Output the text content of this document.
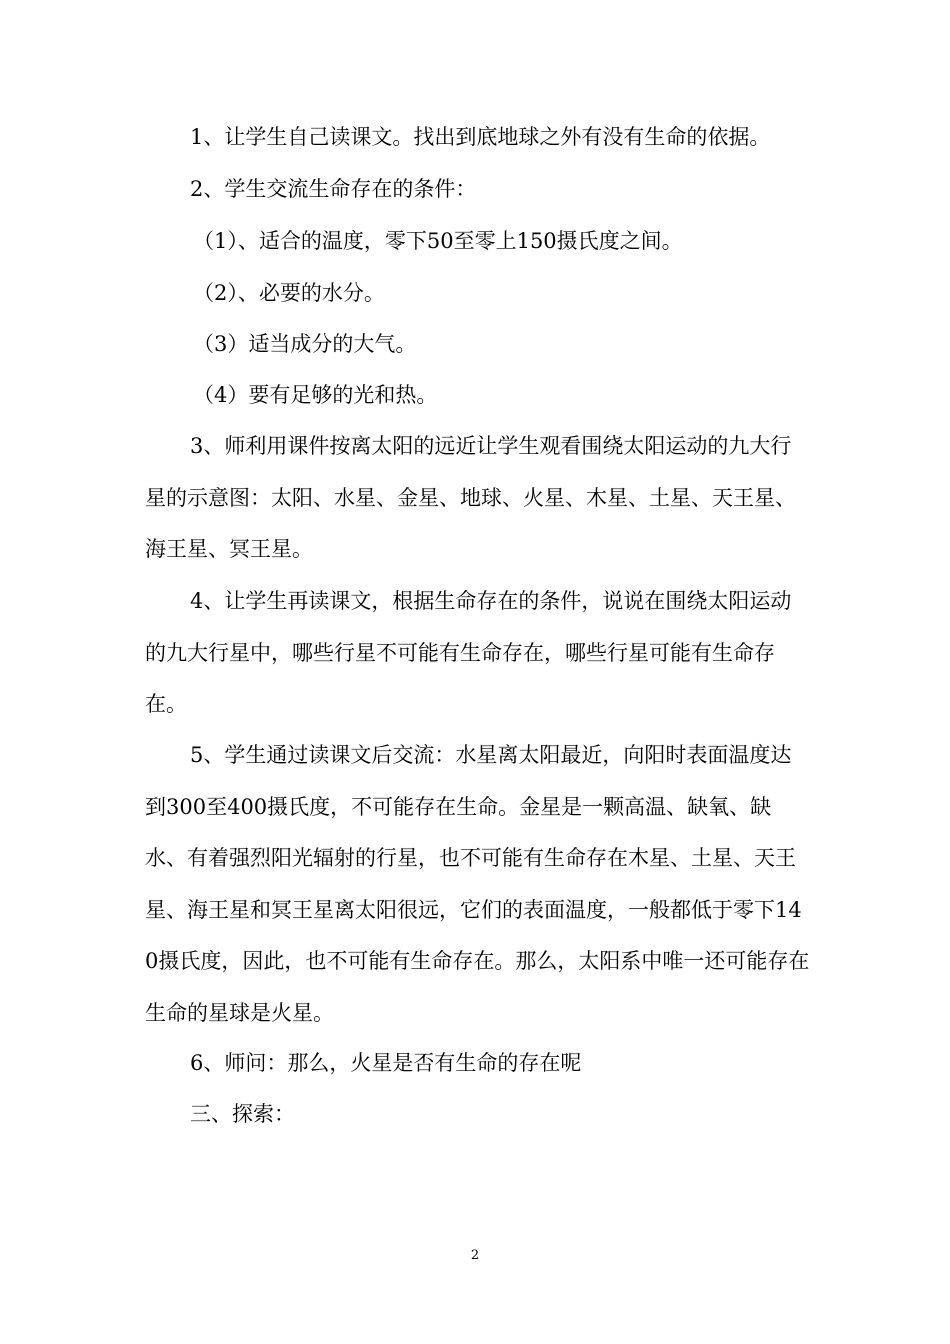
1、让学生自己读课文。找出到底地球之外有没有生命的依据。

2、学生交流生命存在的条件：

（1）、适合的温度，零下50至零上150摄氏度之间。

（2）、必要的水分。

（3）适当成分的大气。

（4）要有足够的光和热。

3、师利用课件按离太阳的远近让学生观看围绕太阳运动的九大行星的示意图：太阳、水星、金星、地球、火星、木星、土星、天王星、海王星、冥王星。

4、让学生再读课文，根据生命存在的条件，说说在围绕太阳运动的九大行星中，哪些行星不可能有生命存在，哪些行星可能有生命存在。

5、学生通过读课文后交流：水星离太阳最近，向阳时表面温度达到300至400摄氏度，不可能存在生命。金星是一颗高温、缺氧、缺水、有着强烈阳光辐射的行星，也不可能有生命存在木星、土星、天王星、海王星和冥王星离太阳很远，它们的表面温度，一般都低于零下140摄氏度，因此，也不可能有生命存在。那么，太阳系中唯一还可能存在生命的星球是火星。

6、师问：那么，火星是否有生命的存在呢

三、探索：

2
